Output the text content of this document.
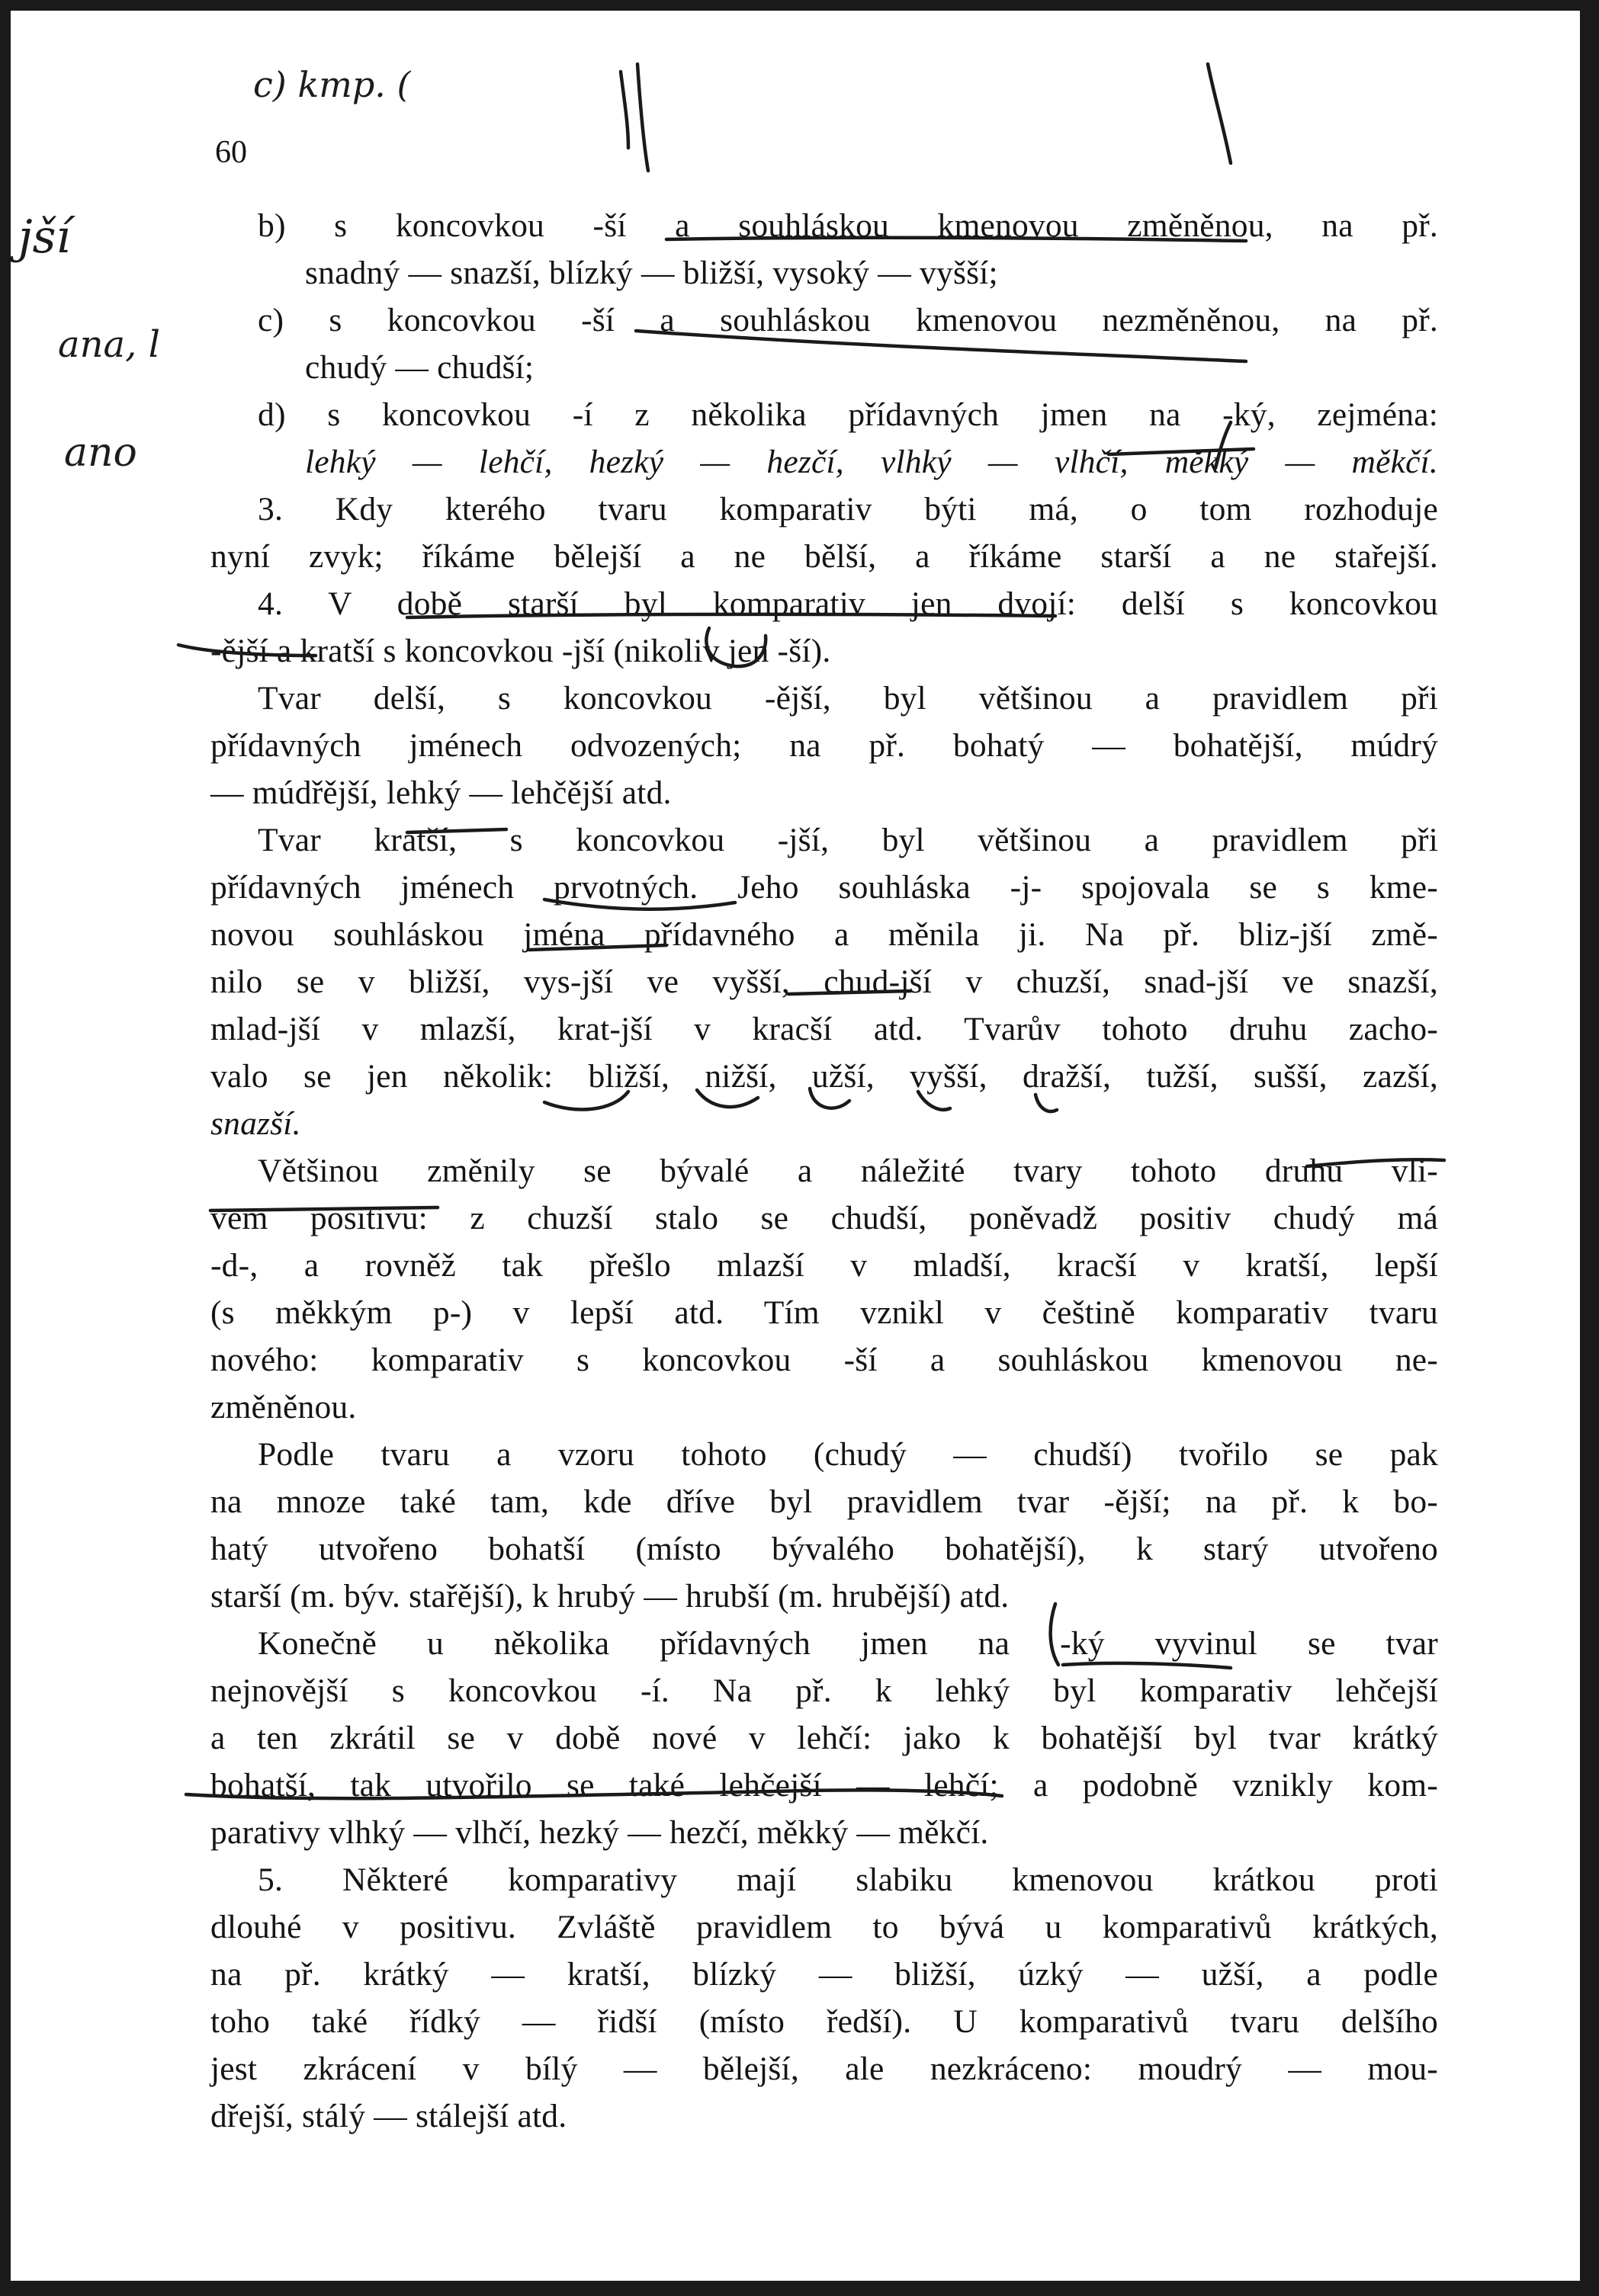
60
c) kmp. (
jší
ana, l
ano
b) s koncovkou -ší a souhláskou kmenovou změněnou, na př.
snadný — snazší, blízký — bližší, vysoký — vyšší;
c) s koncovkou -ší a souhláskou kmenovou nezměněnou, na př.
chudý — chudší;
d) s koncovkou -í z několika přídavných jmen na -ký, zejména:
lehký — lehčí, hezký — hezčí, vlhký — vlhčí, měkký — měkčí.
3. Kdy kterého tvaru komparativ býti má, o tom rozhoduje
nyní zvyk; říkáme bělejší a ne bělší, a říkáme starší a ne stařejší.
4. V době starší byl komparativ jen dvojí: delší s koncovkou
-ější a kratší s koncovkou -jší (nikoliv jen -ší).
Tvar delší, s koncovkou -ější, byl většinou a pravidlem při
přídavných jménech odvozených; na př. bohatý — bohatější, múdrý
— múdřější, lehký — lehčější atd.
Tvar kratší, s koncovkou -jší, byl většinou a pravidlem při
přídavných jménech prvotných. Jeho souhláska -j- spojovala se s kme-
novou souhláskou jména přídavného a měnila ji. Na př. bliz-jší změ-
nilo se v bližší, vys-jší ve vyšší, chud-jší v chuzší, snad-jší ve snazší,
mlad-jší v mlazší, krat-jší v kracší atd. Tvarův tohoto druhu zacho-
valo se jen několik: bližší, nižší, užší, vyšší, dražší, tužší, sušší, zazší,
snazší.
Většinou změnily se bývalé a náležité tvary tohoto druhu vli-
vem positivu: z chuzší stalo se chudší, poněvadž positiv chudý má
-d-, a rovněž tak přešlo mlazší v mladší, kracší v kratší, lepší
(s měkkým p-) v lepší atd. Tím vznikl v češtině komparativ tvaru
nového: komparativ s koncovkou -ší a souhláskou kmenovou ne-
změněnou.
Podle tvaru a vzoru tohoto (chudý — chudší) tvořilo se pak
na mnoze také tam, kde dříve byl pravidlem tvar -ější; na př. k bo-
hatý utvořeno bohatší (místo bývalého bohatější), k starý utvořeno
starší (m. býv. stařější), k hrubý — hrubší (m. hrubější) atd.
Konečně u několika přídavných jmen na -ký vyvinul se tvar
nejnovější s koncovkou -í. Na př. k lehký byl komparativ lehčejší
a ten zkrátil se v době nové v lehčí: jako k bohatější byl tvar krátký
bohatší, tak utvořilo se také lehčejší — lehčí; a podobně vznikly kom-
parativy vlhký — vlhčí, hezký — hezčí, měkký — měkčí.
5. Některé komparativy mají slabiku kmenovou krátkou proti
dlouhé v positivu. Zvláště pravidlem to bývá u komparativů krátkých,
na př. krátký — kratší, blízký — bližší, úzký — užší, a podle
toho také řídký — řidší (místo ředší). U komparativů tvaru delšího
jest zkrácení v bílý — bělejší, ale nezkráceno: moudrý — mou-
dřejší, stálý — stálejší atd.
